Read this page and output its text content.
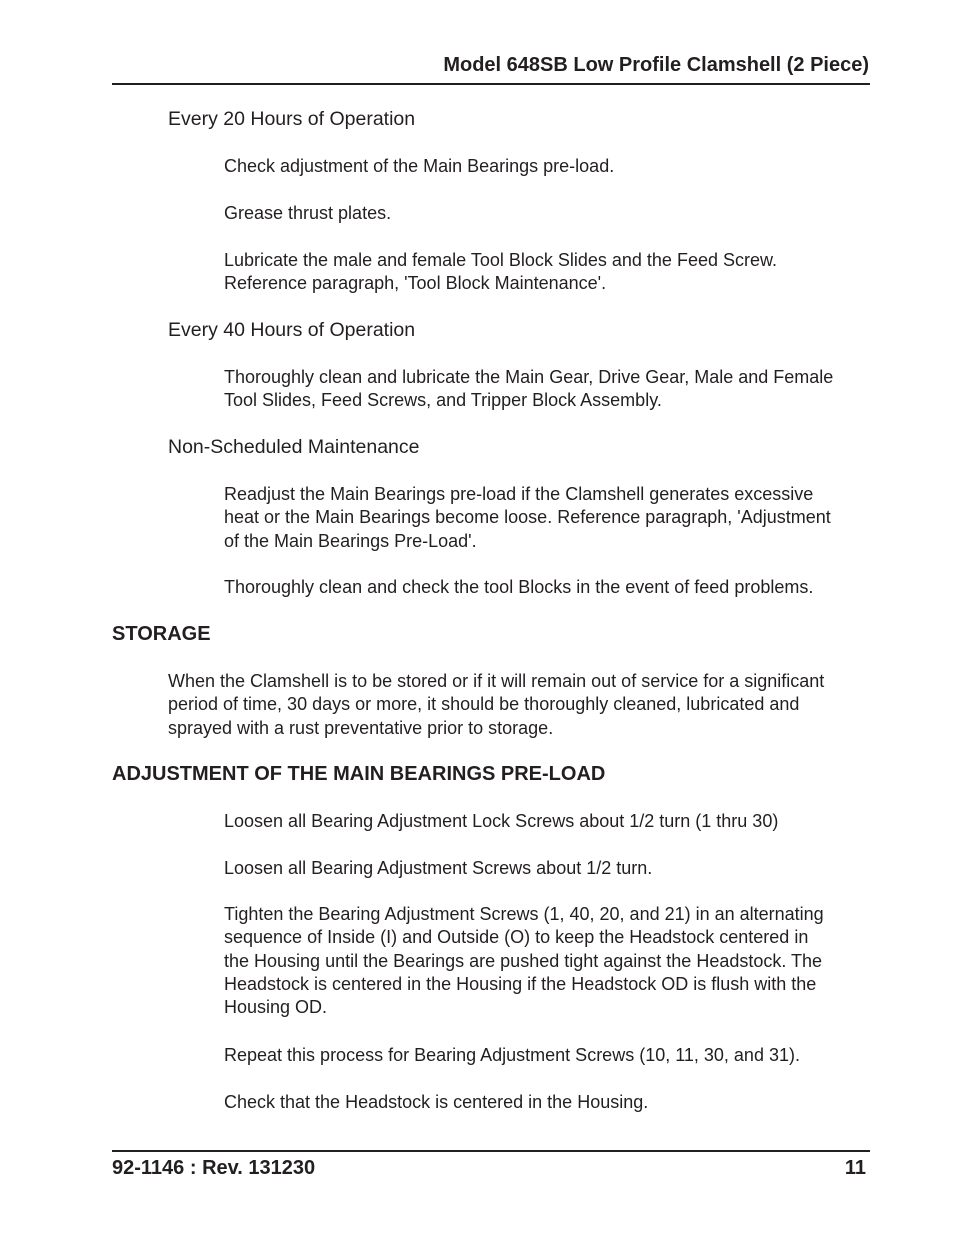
Model 648SB Low Profile Clamshell (2 Piece)

Every 20 Hours of Operation

Check adjustment of the Main Bearings pre-load.
Grease thrust plates.
Lubricate the male and female Tool Block Slides and the Feed Screw.
Reference paragraph, 'Tool Block Maintenance'.

Every 40 Hours of Operation

Thoroughly clean and lubricate the Main Gear, Drive Gear, Male and Female
Tool Slides, Feed Screws, and Tripper Block Assembly.

Non-Scheduled Maintenance

Readjust the Main Bearings pre-load if the Clamshell generates excessive
heat or the Main Bearings become loose. Reference paragraph, 'Adjustment
of the Main Bearings Pre-Load'.
Thoroughly clean and check the tool Blocks in the event of feed problems.
STORAGE
When the Clamshell is to be stored or if it will remain out of service for a significant
period of time, 30 days or more, it should be thoroughly cleaned, lubricated and
sprayed with a rust preventative prior to storage.
ADJUSTMENT OF THE MAIN BEARINGS PRE-LOAD
Loosen all Bearing Adjustment Lock Screws about 1/2 turn (1 thru 30)
Loosen all Bearing Adjustment Screws about 1/2 turn.
Tighten the Bearing Adjustment Screws (1, 40, 20, and 21) in an alternating
sequence of Inside (I) and Outside (O) to keep the Headstock centered in
the Housing until the Bearings are pushed tight against the Headstock. The
Headstock is centered in the Housing if the Headstock OD is flush with the
Housing OD.
Repeat this process for Bearing Adjustment Screws (10, 11, 30, and 31).
Check that the Headstock is centered in the Housing.
92-1146 : Rev. 131230	11
